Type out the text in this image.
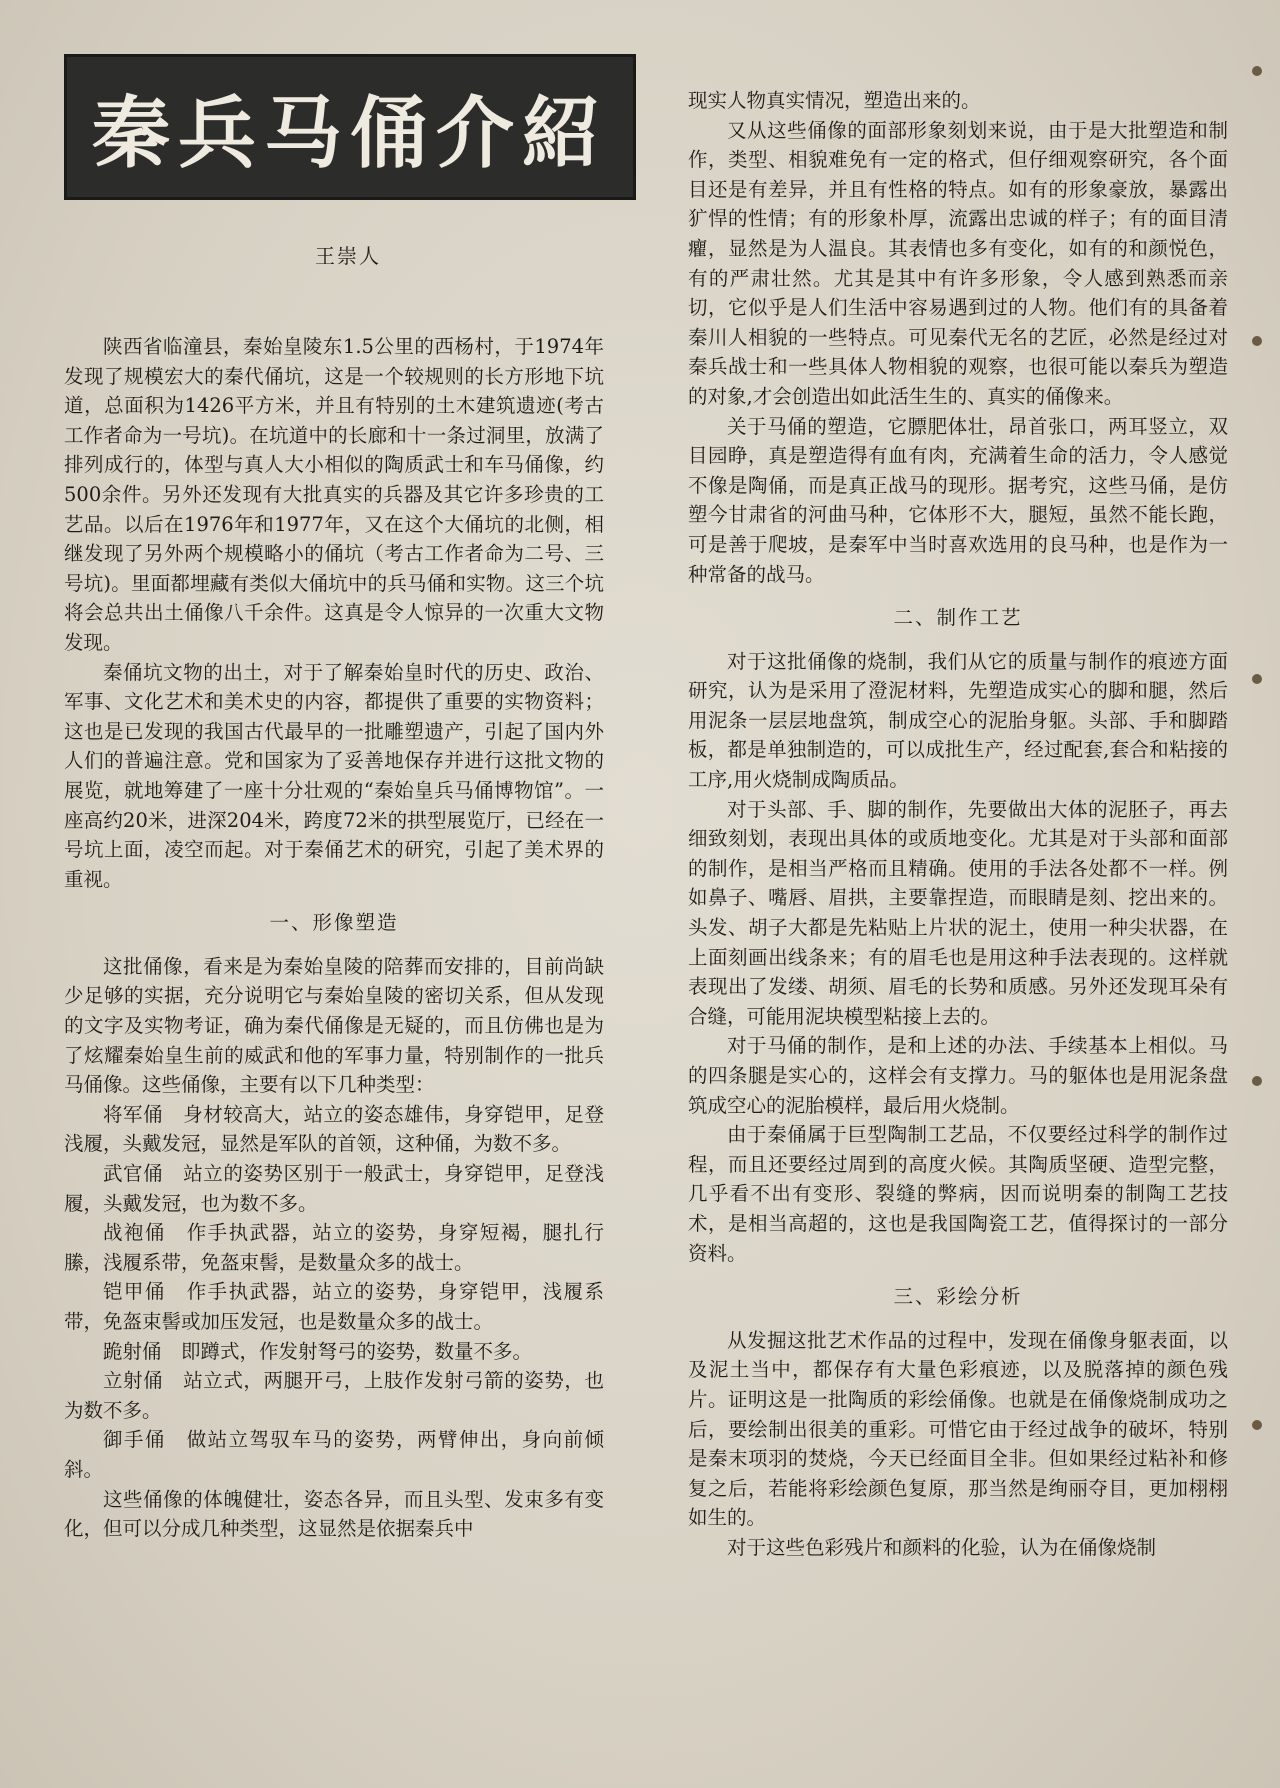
秦兵马俑介紹
王崇人

陕西省临潼县，秦始皇陵东1.5公里的西杨村，于1974年发现了规模宏大的秦代俑坑，这是一个较规则的长方形地下坑道，总面积为1426平方米，并且有特别的土木建筑遗迹(考古工作者命为一号坑)。在坑道中的长廊和十一条过洞里，放满了排列成行的，体型与真人大小相似的陶质武士和车马俑像，约500余件。另外还发现有大批真实的兵器及其它许多珍贵的工艺品。以后在1976年和1977年，又在这个大俑坑的北侧，相继发现了另外两个规模略小的俑坑（考古工作者命为二号、三号坑)。里面都埋藏有类似大俑坑中的兵马俑和实物。这三个坑将会总共出土俑像八千余件。这真是令人惊异的一次重大文物发现。

秦俑坑文物的出土，对于了解秦始皇时代的历史、政治、军事、文化艺术和美术史的内容，都提供了重要的实物资料；这也是已发现的我国古代最早的一批雕塑遗产，引起了国内外人们的普遍注意。党和国家为了妥善地保存并进行这批文物的展览，就地筹建了一座十分壮观的“秦始皇兵马俑博物馆”。一座高约20米，进深204米，跨度72米的拱型展览厅，已经在一号坑上面，凌空而起。对于秦俑艺术的研究，引起了美术界的重视。

一、形像塑造

这批俑像，看来是为秦始皇陵的陪葬而安排的，目前尚缺少足够的实据，充分说明它与秦始皇陵的密切关系，但从发现的文字及实物考证，确为秦代俑像是无疑的，而且仿佛也是为了炫耀秦始皇生前的威武和他的军事力量，特别制作的一批兵马俑像。这些俑像，主要有以下几种类型：

将军俑　身材较高大，站立的姿态雄伟，身穿铠甲，足登浅履，头戴发冠，显然是军队的首领，这种俑，为数不多。

武官俑　站立的姿势区别于一般武士，身穿铠甲，足登浅履，头戴发冠，也为数不多。

战袍俑　作手执武器，站立的姿势，身穿短褐，腿扎行縢，浅履系带，免盔束髻，是数量众多的战士。

铠甲俑　作手执武器，站立的姿势，身穿铠甲，浅履系带，免盔束髻或加压发冠，也是数量众多的战士。

跪射俑　即蹲式，作发射弩弓的姿势，数量不多。

立射俑　站立式，两腿开弓，上肢作发射弓箭的姿势，也为数不多。

御手俑　做站立驾驭车马的姿势，两臂伸出，身向前倾斜。

这些俑像的体魄健壮，姿态各异，而且头型、发束多有变化，但可以分成几种类型，这显然是依据秦兵中

现实人物真实情况，塑造出来的。

又从这些俑像的面部形象刻划来说，由于是大批塑造和制作，类型、相貌难免有一定的格式，但仔细观察研究，各个面目还是有差异，并且有性格的特点。如有的形象豪放，暴露出犷悍的性情；有的形象朴厚，流露出忠诚的样子；有的面目清癯，显然是为人温良。其表情也多有变化，如有的和颜悦色，有的严肃壮然。尤其是其中有许多形象，令人感到熟悉而亲切，它似乎是人们生活中容易遇到过的人物。他们有的具备着秦川人相貌的一些特点。可见秦代无名的艺匠，必然是经过对秦兵战士和一些具体人物相貌的观察，也很可能以秦兵为塑造的对象,才会创造出如此活生生的、真实的俑像来。

关于马俑的塑造，它膘肥体壮，昂首张口，两耳竖立，双目园睁，真是塑造得有血有肉，充满着生命的活力，令人感觉不像是陶俑，而是真正战马的现形。据考究，这些马俑，是仿塑今甘肃省的河曲马种，它体形不大，腿短，虽然不能长跑，可是善于爬坡，是秦军中当时喜欢选用的良马种，也是作为一种常备的战马。

二、制作工艺

对于这批俑像的烧制，我们从它的质量与制作的痕迹方面研究，认为是采用了澄泥材料，先塑造成实心的脚和腿，然后用泥条一层层地盘筑，制成空心的泥胎身躯。头部、手和脚踏板，都是单独制造的，可以成批生产，经过配套,套合和粘接的工序,用火烧制成陶质品。

对于头部、手、脚的制作，先要做出大体的泥胚子，再去细致刻划，表现出具体的或质地变化。尤其是对于头部和面部的制作，是相当严格而且精确。使用的手法各处都不一样。例如鼻子、嘴唇、眉拱，主要靠捏造，而眼睛是刻、挖出来的。头发、胡子大都是先粘贴上片状的泥土，使用一种尖状器，在上面刻画出线条来；有的眉毛也是用这种手法表现的。这样就表现出了发缕、胡须、眉毛的长势和质感。另外还发现耳朵有合缝，可能用泥块模型粘接上去的。

对于马俑的制作，是和上述的办法、手续基本上相似。马的四条腿是实心的，这样会有支撑力。马的躯体也是用泥条盘筑成空心的泥胎模样，最后用火烧制。

由于秦俑属于巨型陶制工艺品，不仅要经过科学的制作过程，而且还要经过周到的高度火候。其陶质坚硬、造型完整，几乎看不出有变形、裂缝的弊病，因而说明秦的制陶工艺技术，是相当高超的，这也是我国陶瓷工艺，值得探讨的一部分资料。

三、彩绘分析

从发掘这批艺术作品的过程中，发现在俑像身躯表面，以及泥土当中，都保存有大量色彩痕迹，以及脱落掉的颜色残片。证明这是一批陶质的彩绘俑像。也就是在俑像烧制成功之后，要绘制出很美的重彩。可惜它由于经过战争的破坏，特别是秦末项羽的焚烧，今天已经面目全非。但如果经过粘补和修复之后，若能将彩绘颜色复原，那当然是绚丽夺目，更加栩栩如生的。

对于这些色彩残片和颜料的化验，认为在俑像烧制
